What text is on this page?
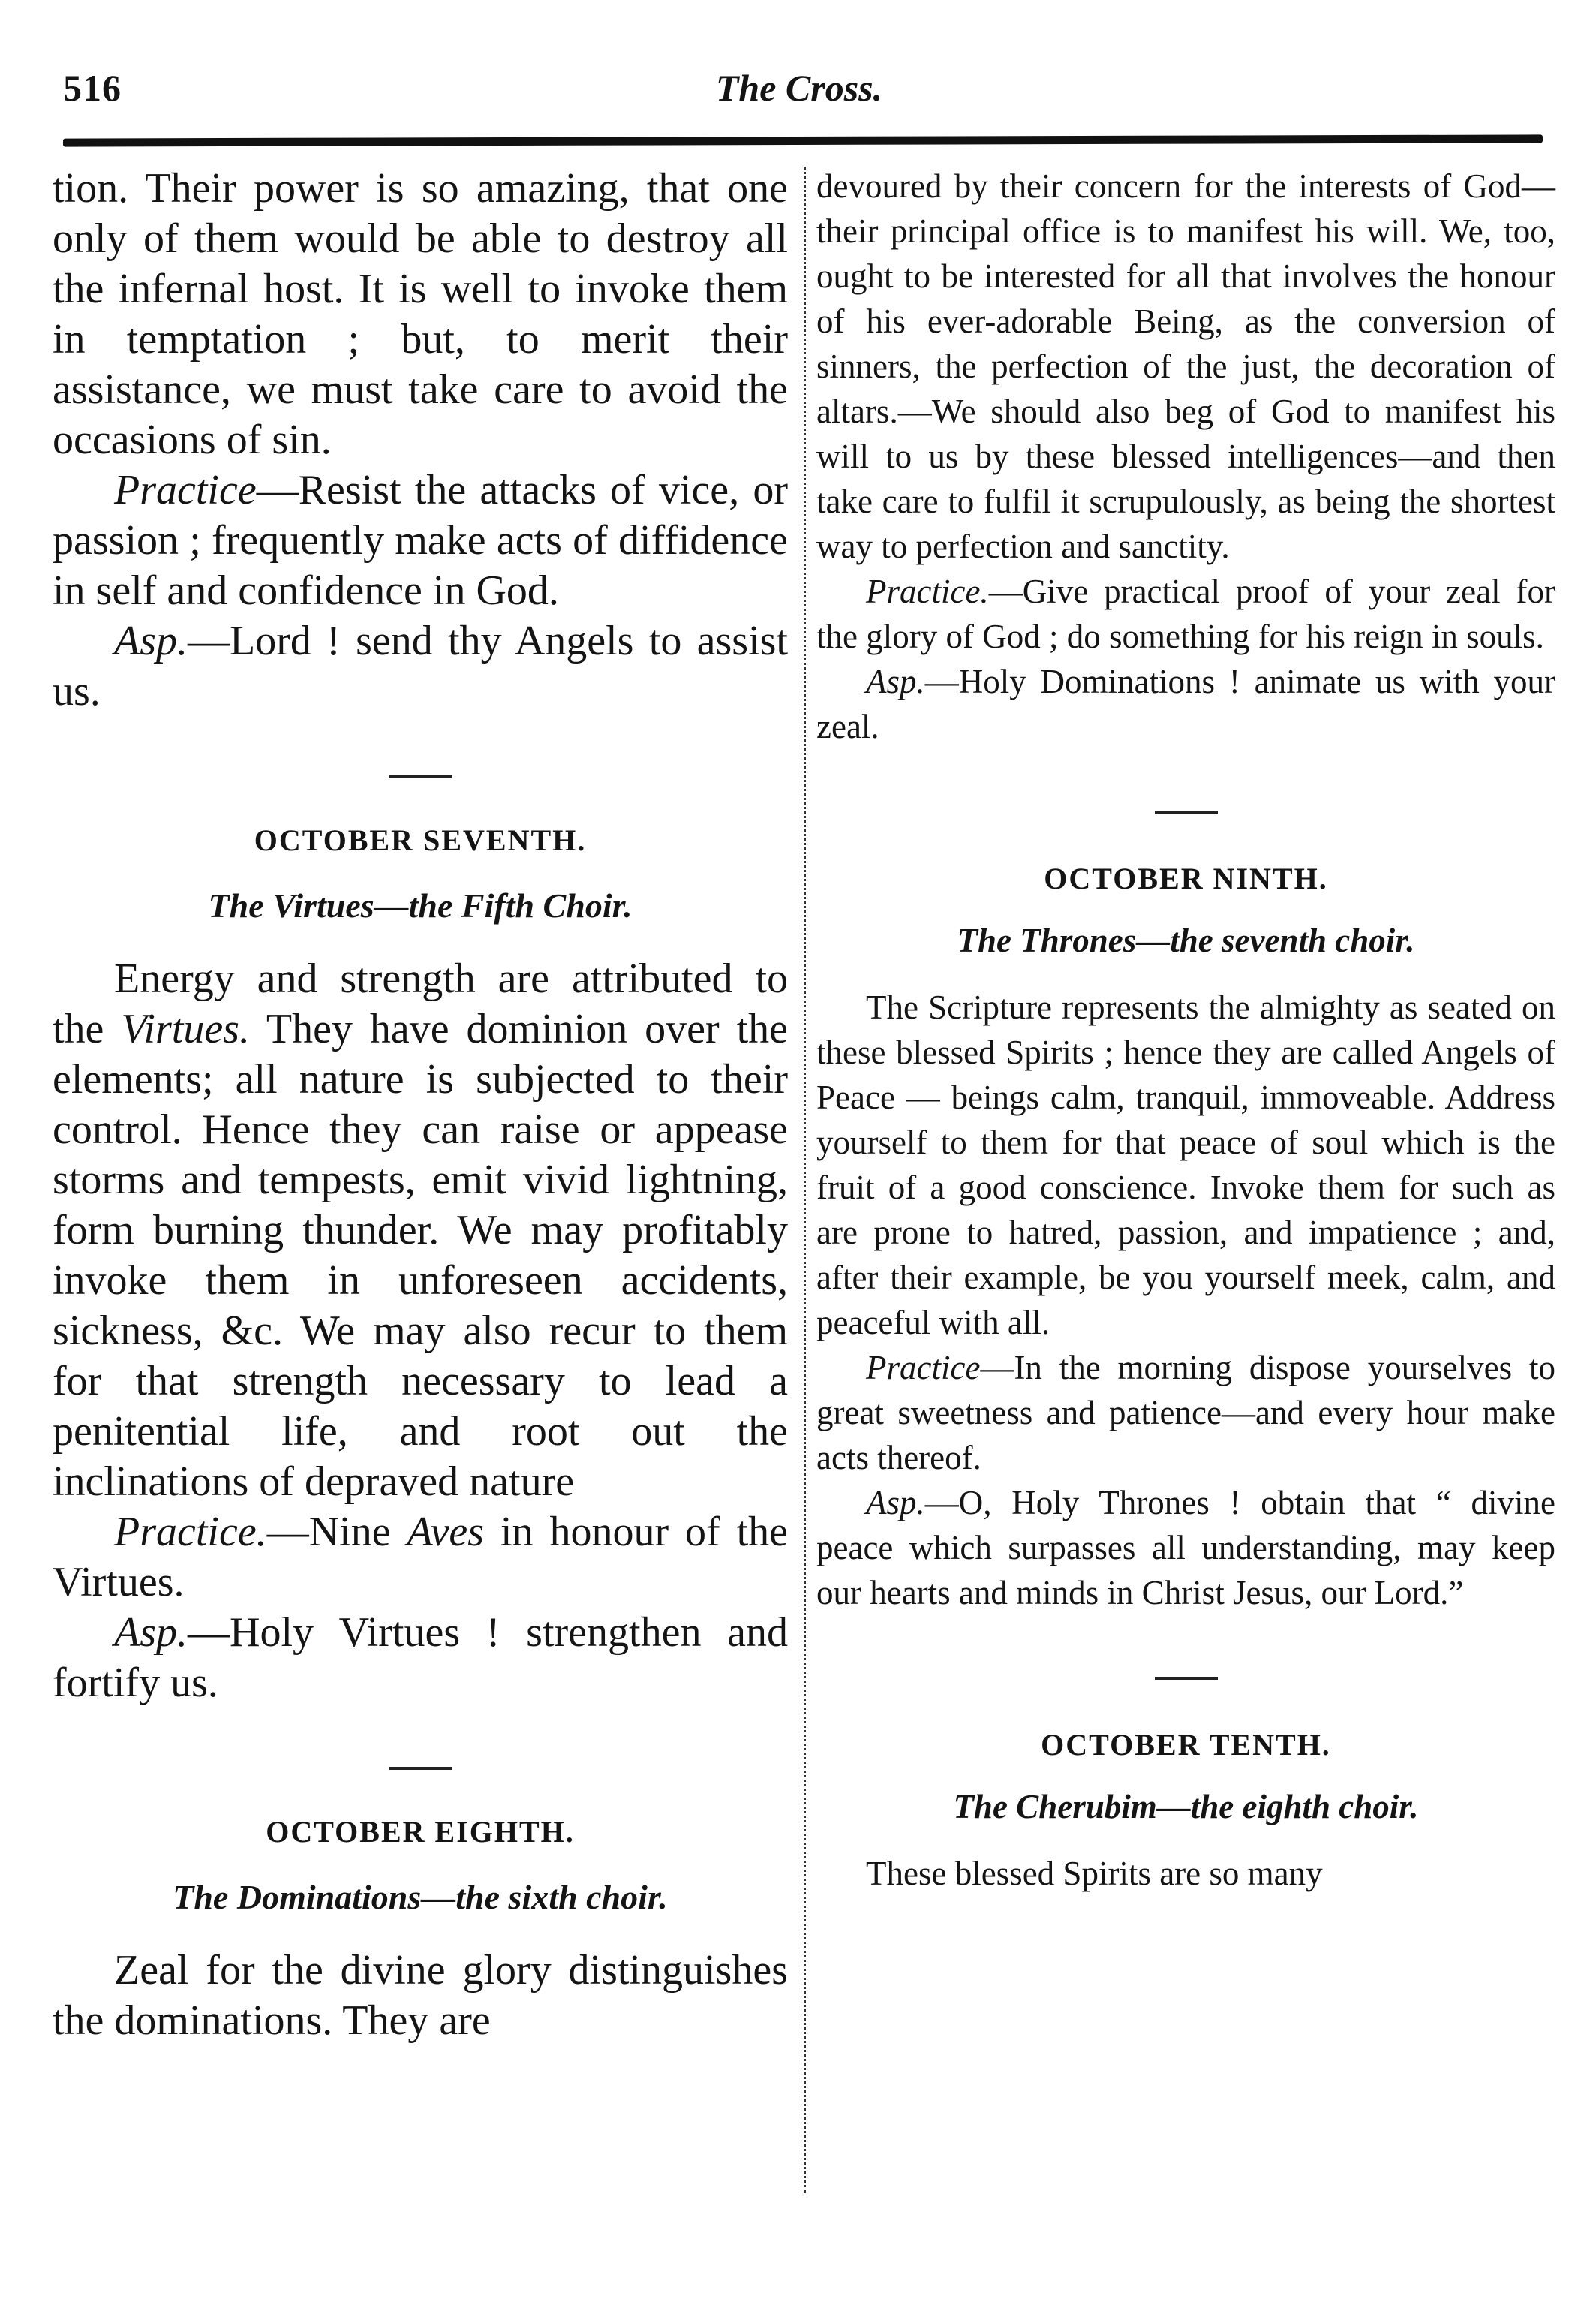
516	The Cross.

tion. Their power is so amazing, that one only of them would be able to destroy all the infernal host. It is well to invoke them in temptation ; but, to merit their assistance, we must take care to avoid the occasions of sin.

Practice—Resist the attacks of vice, or passion ; frequently make acts of diffidence in self and confidence in God.

Asp.—Lord ! send thy Angels to assist us.

OCTOBER SEVENTH.
The Virtues—the Fifth Choir.

Energy and strength are attributed to the Virtues. They have dominion over the elements; all nature is subjected to their control. Hence they can raise or appease storms and tempests, emit vivid lightning, form burning thunder. We may profitably invoke them in unforeseen accidents, sickness, &c. We may also recur to them for that strength necessary to lead a penitential life, and root out the inclinations of depraved nature

Practice.—Nine Aves in honour of the Virtues.

Asp.—Holy Virtues ! strengthen and fortify us.

OCTOBER EIGHTH.
The Dominations—the sixth choir.

Zeal for the divine glory distinguishes the dominations. They are

devoured by their concern for the interests of God—their principal office is to manifest his will. We, too, ought to be interested for all that involves the honour of his ever-adorable Being, as the conversion of sinners, the perfection of the just, the decoration of altars.—We should also beg of God to manifest his will to us by these blessed intelligences—and then take care to fulfil it scrupulously, as being the shortest way to perfection and sanctity.

Practice.—Give practical proof of your zeal for the glory of God ; do something for his reign in souls.

Asp.—Holy Dominations ! animate us with your zeal.

OCTOBER NINTH.
The Thrones—the seventh choir.

The Scripture represents the almighty as seated on these blessed Spirits ; hence they are called Angels of Peace — beings calm, tranquil, immoveable. Address yourself to them for that peace of soul which is the fruit of a good conscience. Invoke them for such as are prone to hatred, passion, and impatience ; and, after their example, be you yourself meek, calm, and peaceful with all.

Practice—In the morning dispose yourselves to great sweetness and patience—and every hour make acts thereof.

Asp.—O, Holy Thrones ! obtain that “ divine peace which surpasses all understanding, may keep our hearts and minds in Christ Jesus, our Lord.”

OCTOBER TENTH.
The Cherubim—the eighth choir.

These blessed Spirits are so many
